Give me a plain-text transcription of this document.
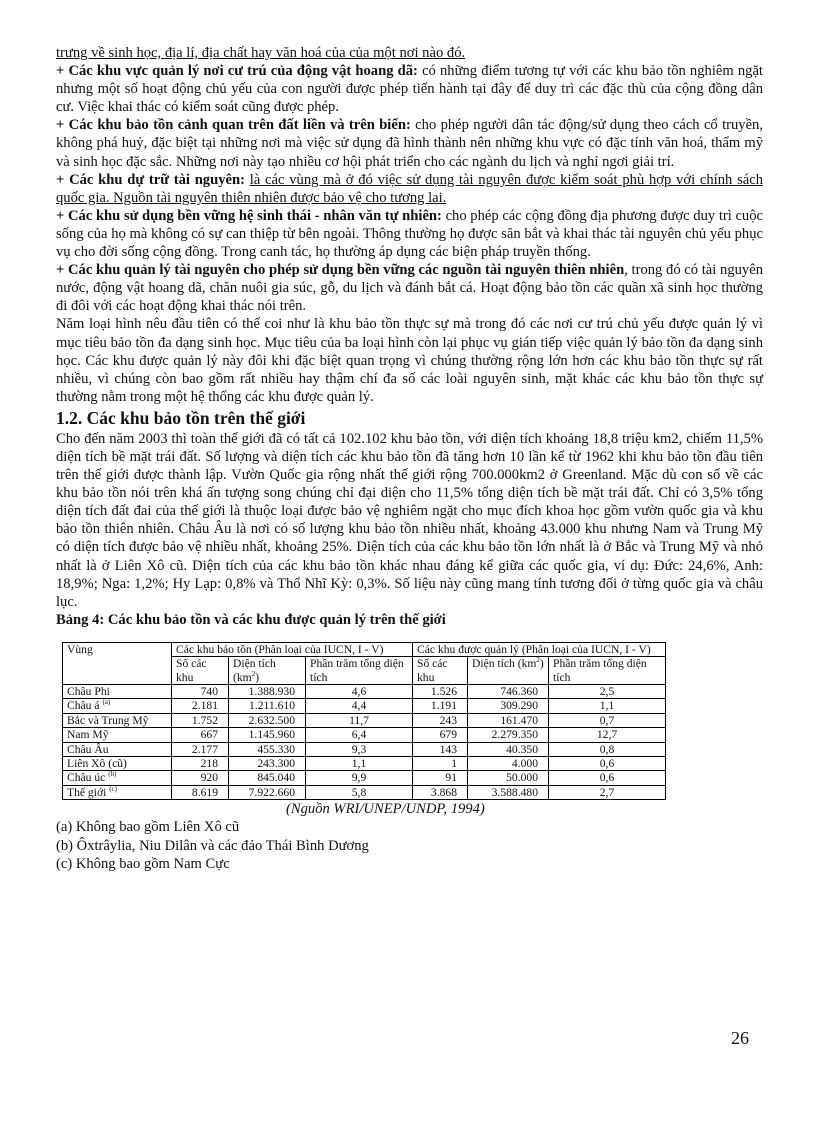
trưng về sinh học, địa lí, địa chất hay văn hoá của của một nơi nào đó.

+ Các khu vực quản lý nơi cư trú của động vật hoang dã: có những điểm tương tự với các khu bảo tồn nghiêm ngặt nhưng một số hoạt động chủ yếu của con người được phép tiến hành tại đây để duy trì các đặc thù của cộng đồng dân cư. Việc khai thác có kiểm soát cũng được phép.

+ Các khu bảo tồn cảnh quan trên đất liền và trên biển: cho phép người dân tác động/sử dụng theo cách cổ truyền, không phá huỷ, đặc biệt tại những nơi mà việc sử dụng đã hình thành nên những khu vực có đặc tính văn hoá, thẩm mỹ và sinh học đặc sắc. Những nơi này tạo nhiều cơ hội phát triển cho các ngành du lịch và nghỉ ngơi giải trí.

+ Các khu dự trữ tài nguyên: là các vùng mà ở đó việc sử dụng tài nguyên được kiểm soát phù hợp với chính sách quốc gia. Nguồn tài nguyên thiên nhiên được bảo vệ cho tương lai.

+ Các khu sử dụng bền vững hệ sinh thái - nhân văn tự nhiên: cho phép các cộng đồng địa phương được duy trì cuộc sống của họ mà không có sự can thiệp từ bên ngoài. Thông thường họ được săn bắt và khai thác tài nguyên chủ yếu phục vụ cho đời sống cộng đồng. Trong canh tác, họ thường áp dụng các biện pháp truyền thống.

+ Các khu quản lý tài nguyên cho phép sử dụng bền vững các nguồn tài nguyên thiên nhiên, trong đó có tài nguyên nước, động vật hoang dã, chăn nuôi gia súc, gỗ, du lịch và đánh bắt cá. Hoạt động bảo tồn các quần xã sinh học thường đi đôi với các hoạt động khai thác nói trên.

Năm loại hình nêu đầu tiên có thể coi như là khu bảo tồn thực sự mà trong đó các nơi cư trú chủ yếu được quản lý vì mục tiêu bảo tồn đa dạng sinh học. Mục tiêu của ba loại hình còn lại phục vụ gián tiếp việc quản lý bảo tồn đa dạng sinh học. Các khu được quản lý này đôi khi đặc biệt quan trọng vì chúng thường rộng lớn hơn các khu bảo tồn thực sự rất nhiều, vì chúng còn bao gồm rất nhiều hay thậm chí đa số các loài nguyên sinh, mặt khác các khu bảo tồn thực sự thường nằm trong một hệ thống các khu được quản lý.

1.2. Các khu bảo tồn trên thế giới

Cho đến năm 2003 thì toàn thế giới đã có tất cả 102.102 khu bảo tồn, với diện tích khoảng 18,8 triệu km2, chiếm 11,5% diện tích bề mặt trái đất. Số lượng và diện tích các khu bảo tồn đã tăng hơn 10 lần kể từ 1962 khi khu bảo tồn đầu tiên trên thế giới được thành lập. Vườn Quốc gia rộng nhất thế giới rộng 700.000km2 ở Greenland. Mặc dù con số về các khu bảo tồn nói trên khá ấn tượng song chúng chỉ đại diện cho 11,5% tổng diện tích bề mặt trái đất. Chỉ có 3,5% tổng diện tích đất đai của thế giới là thuộc loại được bảo vệ nghiêm ngặt cho mục đích khoa học gồm vườn quốc gia và khu bảo tồn thiên nhiên. Châu Âu là nơi có số lượng khu bảo tồn nhiều nhất, khoảng 43.000 khu nhưng Nam và Trung Mỹ có diện tích được bảo vệ nhiều nhất, khoảng 25%. Diện tích của các khu bảo tồn lớn nhất là ở Bắc và Trung Mỹ và nhỏ nhất là ở Liên Xô cũ. Diện tích của các khu bảo tồn khác nhau đáng kể giữa các quốc gia, ví dụ: Đức: 24,6%, Anh: 18,9%; Nga: 1,2%; Hy Lạp: 0,8% và Thổ Nhĩ Kỳ: 0,3%. Số liệu này cũng mang tính tương đối ở từng quốc gia và châu lục.

Bảng 4: Các khu bảo tồn và các khu được quản lý trên thế giới
Vùng	Các khu bảo tồn (Phân loại của IUCN, I - V)			Các khu được quản lý (Phân loại của IUCN, I - V)		
	Số các khu	Diện tích $(km^2)$	Phần trăm tổng diện tích	Số các khu	Diện tích $(km^2)$	Phần trăm tổng diện tích
Châu Phi	740	1.388.930	4,6	1.526	746.360	2,5
Châu á $^{(a)}$	2.181	1.211.610	4,4	1.191	309.290	1,1
Bắc và Trung Mỹ	1.752	2.632.500	11,7	243	161.470	0,7
Nam Mỹ	667	1.145.960	6,4	679	2.279.350	12,7
Châu Âu	2.177	455.330	9,3	143	40.350	0,8
Liên Xô (cũ)	218	243.300	1,1	1	4.000	0,6
Châu úc $^{(b)}$	920	845.040	9,9	91	50.000	0,6
Thế giới $^{(c)}$	8.619	7.922.660	5,8	3.868	3.588.480	2,7
(Nguồn WRI/UNEP/UNDP, 1994)
(a) Không bao gồm Liên Xô cũ
(b) Ôxtrâylia, Niu Dilân và các đảo Thái Bình Dương
(c) Không bao gồm Nam Cực
26
